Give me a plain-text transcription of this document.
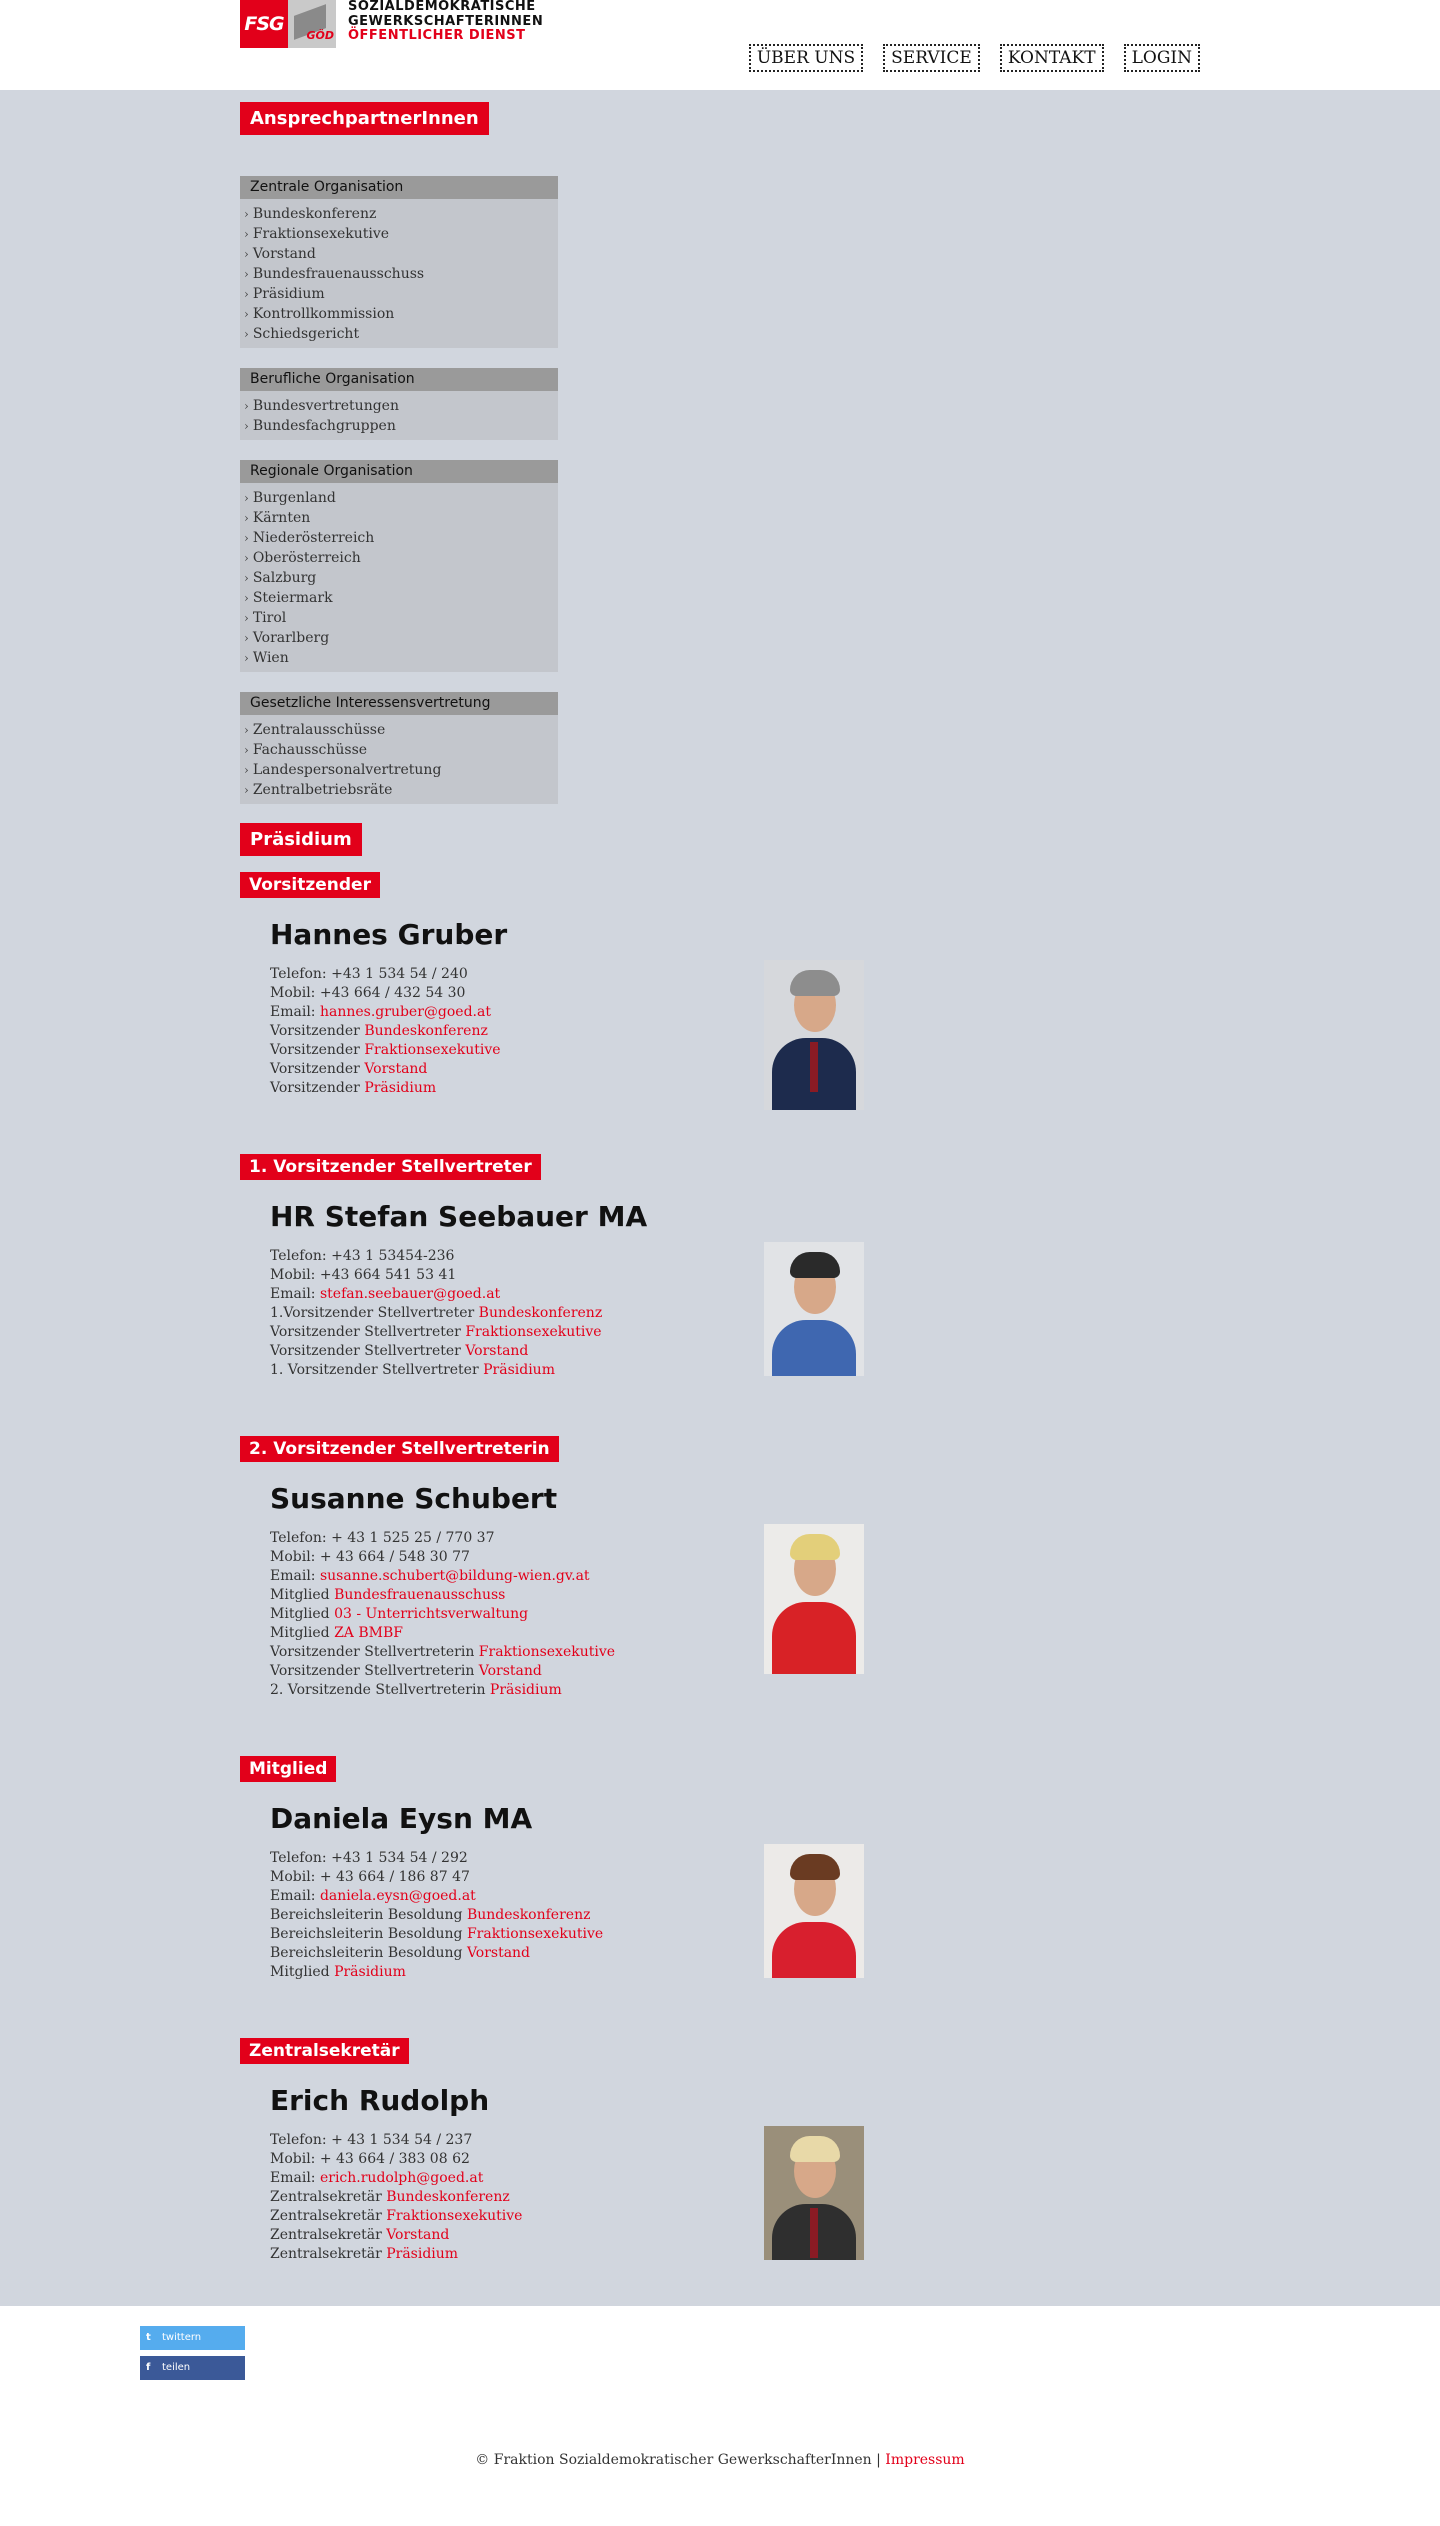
FSG
GÖD
SOZIALDEMOKRATISCHE
GEWERKSCHAFTERINNEN
ÖFFENTLICHER DIENST
ÜBER UNS	SERVICE	KONTAKT	LOGIN
AnsprechpartnerInnen
Zentrale Organisation
› Bundeskonferenz
› Fraktionsexekutive
› Vorstand
› Bundesfrauenausschuss
› Präsidium
› Kontrollkommission
› Schiedsgericht
Berufliche Organisation
› Bundesvertretungen
› Bundesfachgruppen
Regionale Organisation
› Burgenland
› Kärnten
› Niederösterreich
› Oberösterreich
› Salzburg
› Steiermark
› Tirol
› Vorarlberg
› Wien
Gesetzliche Interessensvertretung
› Zentralausschüsse
› Fachausschüsse
› Landespersonalvertretung
› Zentralbetriebsräte
Präsidium
Vorsitzender
Hannes Gruber
Telefon: +43 1 534 54 / 240
Mobil: +43 664 / 432 54 30
Email: hannes.gruber@goed.at
Vorsitzender Bundeskonferenz
Vorsitzender Fraktionsexekutive
Vorsitzender Vorstand
Vorsitzender Präsidium
1. Vorsitzender Stellvertreter
HR Stefan Seebauer MA
Telefon: +43 1 53454-236
Mobil: +43 664 541 53 41
Email: stefan.seebauer@goed.at
1.Vorsitzender Stellvertreter Bundeskonferenz
Vorsitzender Stellvertreter Fraktionsexekutive
Vorsitzender Stellvertreter Vorstand
1. Vorsitzender Stellvertreter Präsidium
2. Vorsitzender Stellvertreterin
Susanne Schubert
Telefon: + 43 1 525 25 / 770 37
Mobil: + 43 664 / 548 30 77
Email: susanne.schubert@bildung-wien.gv.at
Mitglied Bundesfrauenausschuss
Mitglied 03 - Unterrichtsverwaltung
Mitglied ZA BMBF
Vorsitzender Stellvertreterin Fraktionsexekutive
Vorsitzender Stellvertreterin Vorstand
2. Vorsitzende Stellvertreterin Präsidium
Mitglied
Daniela Eysn MA
Telefon: +43 1 534 54 / 292
Mobil: + 43 664 / 186 87 47
Email: daniela.eysn@goed.at
Bereichsleiterin Besoldung Bundeskonferenz
Bereichsleiterin Besoldung Fraktionsexekutive
Bereichsleiterin Besoldung Vorstand
Mitglied Präsidium
Zentralsekretär
Erich Rudolph
Telefon: + 43 1 534 54 / 237
Mobil: + 43 664 / 383 08 62
Email: erich.rudolph@goed.at
Zentralsekretär Bundeskonferenz
Zentralsekretär Fraktionsexekutive
Zentralsekretär Vorstand
Zentralsekretär Präsidium
t twittern
f teilen
© Fraktion Sozialdemokratischer GewerkschafterInnen | Impressum
